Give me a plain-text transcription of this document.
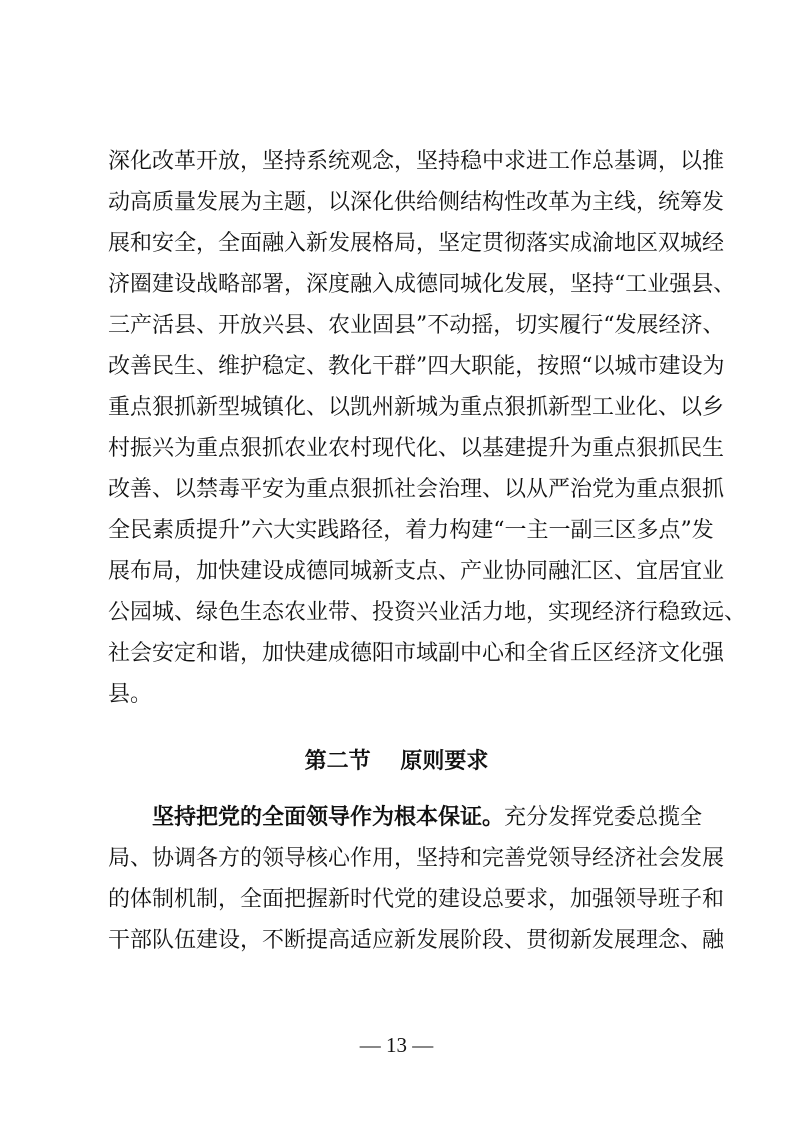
深化改革开放，坚持系统观念，坚持稳中求进工作总基调，以推
动高质量发展为主题，以深化供给侧结构性改革为主线，统筹发
展和安全，全面融入新发展格局，坚定贯彻落实成渝地区双城经
济圈建设战略部署，深度融入成德同城化发展，坚持“工业强县、
三产活县、开放兴县、农业固县”不动摇，切实履行“发展经济、
改善民生、维护稳定、教化干群”四大职能，按照“以城市建设为
重点狠抓新型城镇化、以凯州新城为重点狠抓新型工业化、以乡
村振兴为重点狠抓农业农村现代化、以基建提升为重点狠抓民生
改善、以禁毒平安为重点狠抓社会治理、以从严治党为重点狠抓
全民素质提升”六大实践路径，着力构建“一主一副三区多点”发
展布局，加快建设成德同城新支点、产业协同融汇区、宜居宜业
公园城、绿色生态农业带、投资兴业活力地，实现经济行稳致远、
社会安定和谐，加快建成德阳市域副中心和全省丘区经济文化强
县。
第二节　 原则要求
坚持把党的全面领导作为根本保证。充分发挥党委总揽全
局、协调各方的领导核心作用，坚持和完善党领导经济社会发展
的体制机制，全面把握新时代党的建设总要求，加强领导班子和
干部队伍建设，不断提高适应新发展阶段、贯彻新发展理念、融
— 13 —
